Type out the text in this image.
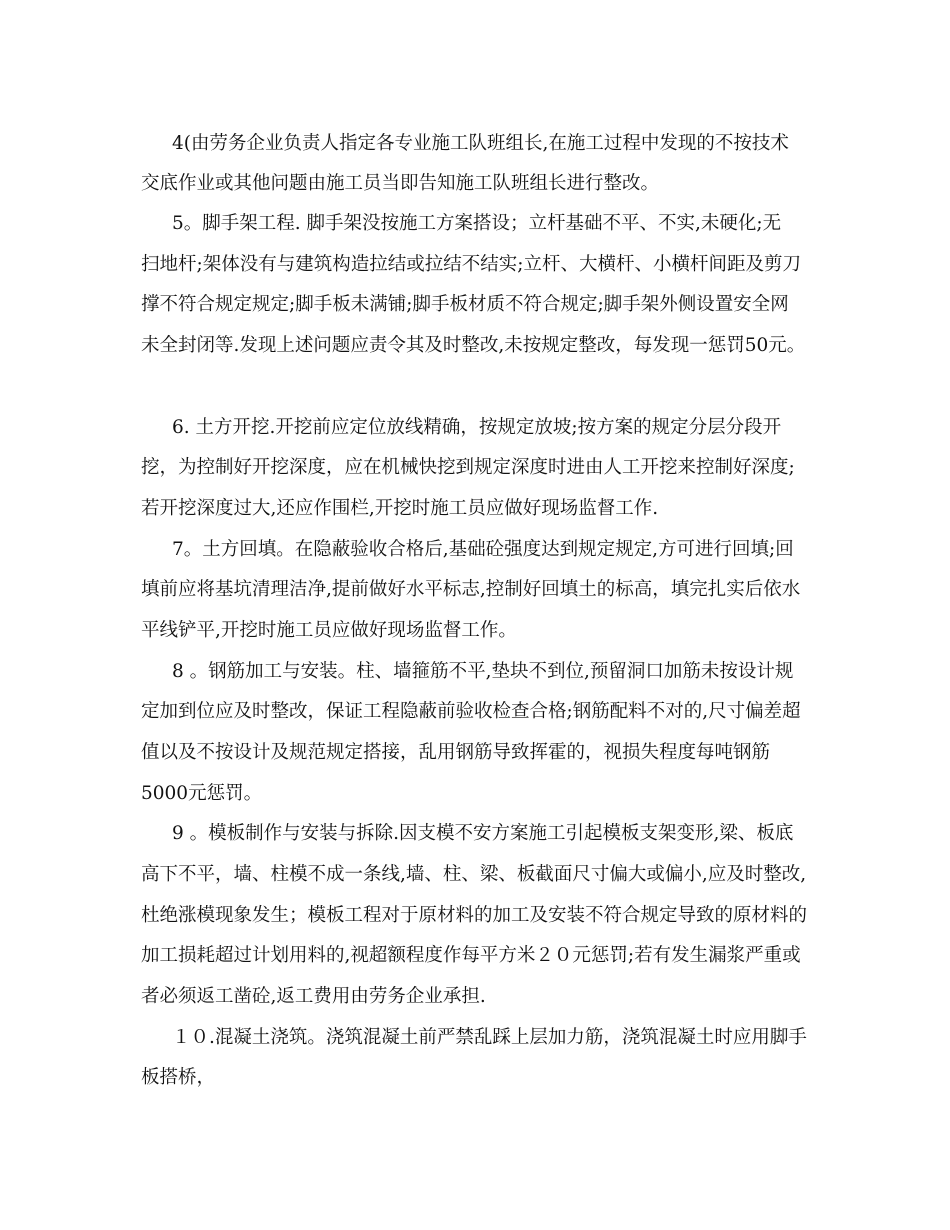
4(由劳务企业负责人指定各专业施工队班组长,在施工过程中发现的不按技术
交底作业或其他问题由施工员当即告知施工队班组长进行整改。
5。脚手架工程. 脚手架没按施工方案搭设；立杆基础不平、不实,未硬化;无
扫地杆;架体没有与建筑构造拉结或拉结不结实;立杆、大横杆、小横杆间距及剪刀
撑不符合规定规定;脚手板未满铺;脚手板材质不符合规定;脚手架外侧设置安全网
未全封闭等.发现上述问题应责令其及时整改,未按规定整改，每发现一惩罚50元。
6. 土方开挖.开挖前应定位放线精确，按规定放坡;按方案的规定分层分段开
挖，为控制好开挖深度，应在机械快挖到规定深度时进由人工开挖来控制好深度;
若开挖深度过大,还应作围栏,开挖时施工员应做好现场监督工作.
7。土方回填。在隐蔽验收合格后,基础砼强度达到规定规定,方可进行回填;回
填前应将基坑清理洁净,提前做好水平标志,控制好回填土的标高，填完扎实后依水
平线铲平,开挖时施工员应做好现场监督工作。
8 。钢筋加工与安装。柱、墙箍筋不平,垫块不到位,预留洞口加筋未按设计规
定加到位应及时整改，保证工程隐蔽前验收检查合格;钢筋配料不对的,尺寸偏差超
值以及不按设计及规范规定搭接，乱用钢筋导致挥霍的，视损失程度每吨钢筋
5000元惩罚。
9 。模板制作与安装与拆除.因支模不安方案施工引起模板支架变形,梁、板底
高下不平，墙、柱模不成一条线,墙、柱、梁、板截面尺寸偏大或偏小,应及时整改,
杜绝涨模现象发生；模板工程对于原材料的加工及安装不符合规定导致的原材料的
加工损耗超过计划用料的,视超额程度作每平方米２０元惩罚;若有发生漏浆严重或
者必须返工凿砼,返工费用由劳务企业承担.
１０.混凝土浇筑。浇筑混凝土前严禁乱踩上层加力筋，浇筑混凝土时应用脚手
板搭桥，
